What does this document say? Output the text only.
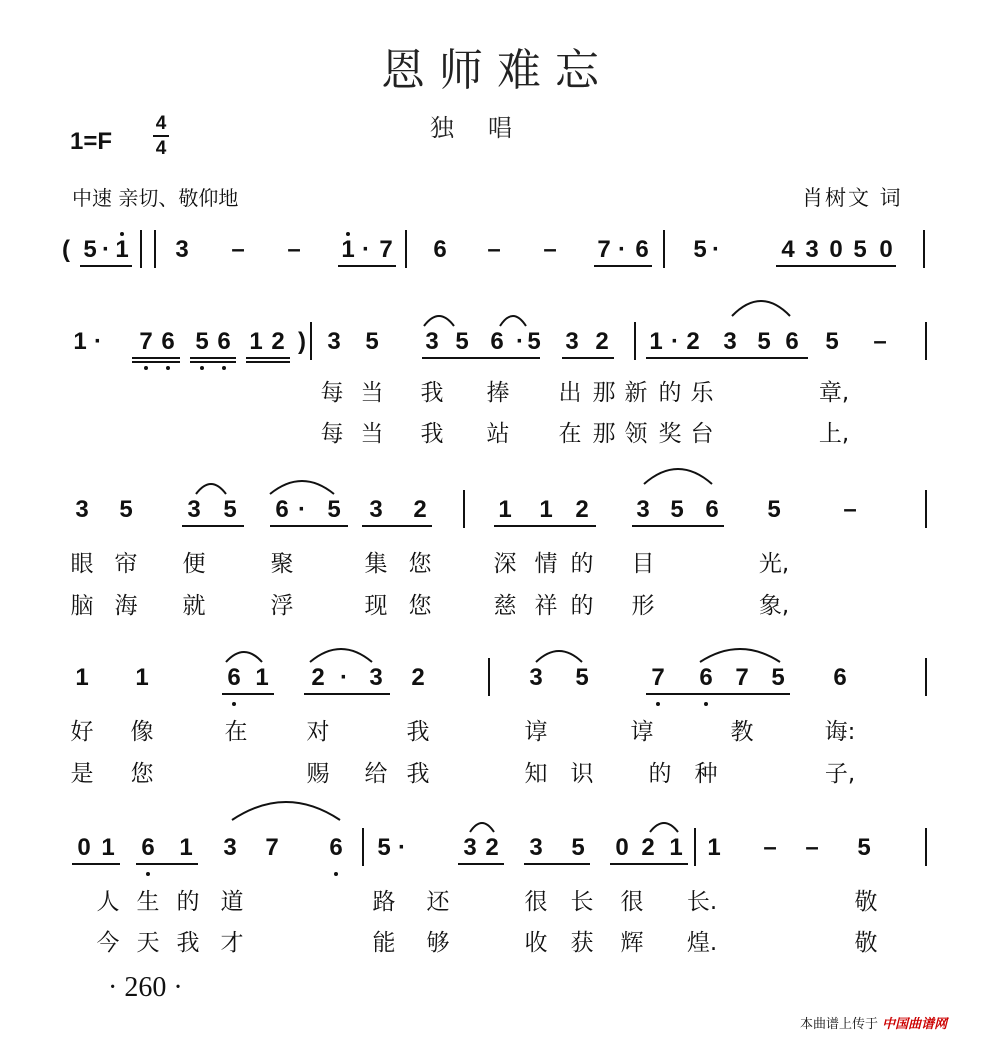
恩师难忘
独唱
1=F
4
4
中速 亲切、敬仰地	肖树文 词
( 5 · 1 3 – – 1 · 7 6 – – 7 · 6 5 ·	4 3 0 5 0
1 · 7 6 5 6 1 2 ) 3 5 3 5 6 · 5 3 2 1 · 2 3 5 6 5 –
3 5 3 5 6 · 5 3 2	1 1 2 3 5 6 5	–
1 1	6 1 2 · 3 2	3 5	7 6 7 5 6
0 1 6 1 3 7 6 5 · 3 2 3 5 0 2 1 1 – – 5
· 260 ·
本曲谱上传于 中国曲谱网
每 当 我 捧 出 那 新 的 乐	章,
每 当 我 站 在 那 领 奖 台	上,
眼 帘 便	聚	集 您	深 情 的 目	光,
脑 海 就	浮	现 您	慈 祥 的 形	象,
好 像	在	对	我	谆	谆	教	诲:
是 您	赐 给 我	知 识 的 种	子,
人 生 的 道	路 还	很 长 很 长.	敬
今 天 我 才	能 够	收 获 辉 煌.	敬
